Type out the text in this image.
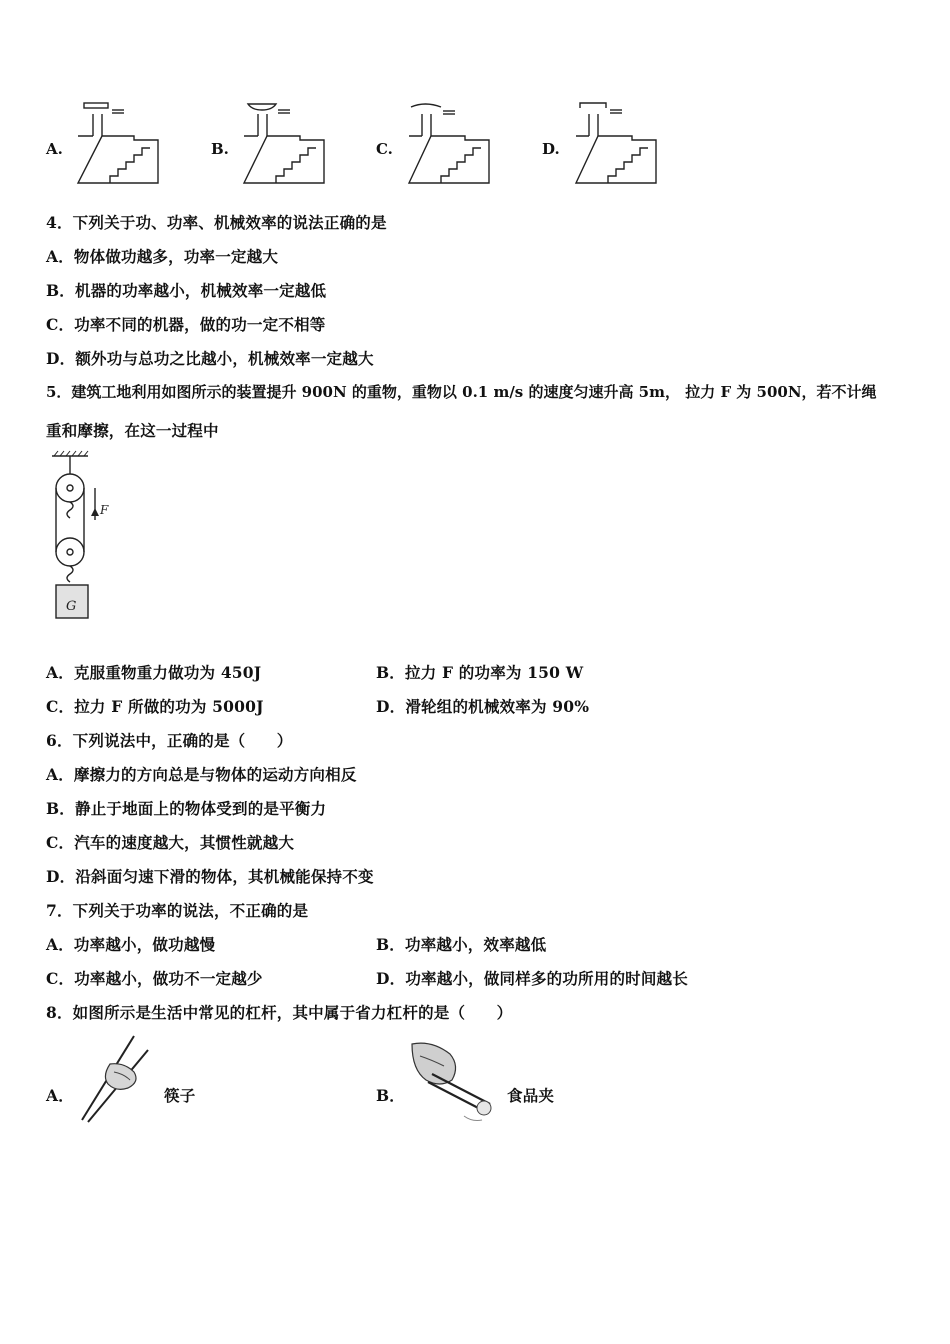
A.	B.	C.	D.
4．下列关于功、功率、机械效率的说法正确的是
A．物体做功越多，功率一定越大
B．机器的功率越小，机械效率一定越低
C．功率不同的机器，做的功一定不相等
D．额外功与总功之比越小，机械效率一定越大
5．建筑工地利用如图所示的装置提升 900N 的重物，重物以 0.1 m/s 的速度匀速升高 5m， 拉力 F 为 500N，若不计绳
重和摩擦，在这一过程中
F
G
A．克服重物重力做功为 450J	B．拉力 F 的功率为 150 W
C．拉力 F 所做的功为 5000J	D．滑轮组的机械效率为 90%
6．下列说法中，正确的是（　　）
A．摩擦力的方向总是与物体的运动方向相反
B．静止于地面上的物体受到的是平衡力
C．汽车的速度越大，其惯性就越大
D．沿斜面匀速下滑的物体，其机械能保持不变
7．下列关于功率的说法，不正确的是
A．功率越小，做功越慢	B．功率越小，效率越低
C．功率越小，做功不一定越少	D．功率越小，做同样多的功所用的时间越长
8．如图所示是生活中常见的杠杆，其中属于省力杠杆的是（　　）
A．	筷子	B．	食品夹
